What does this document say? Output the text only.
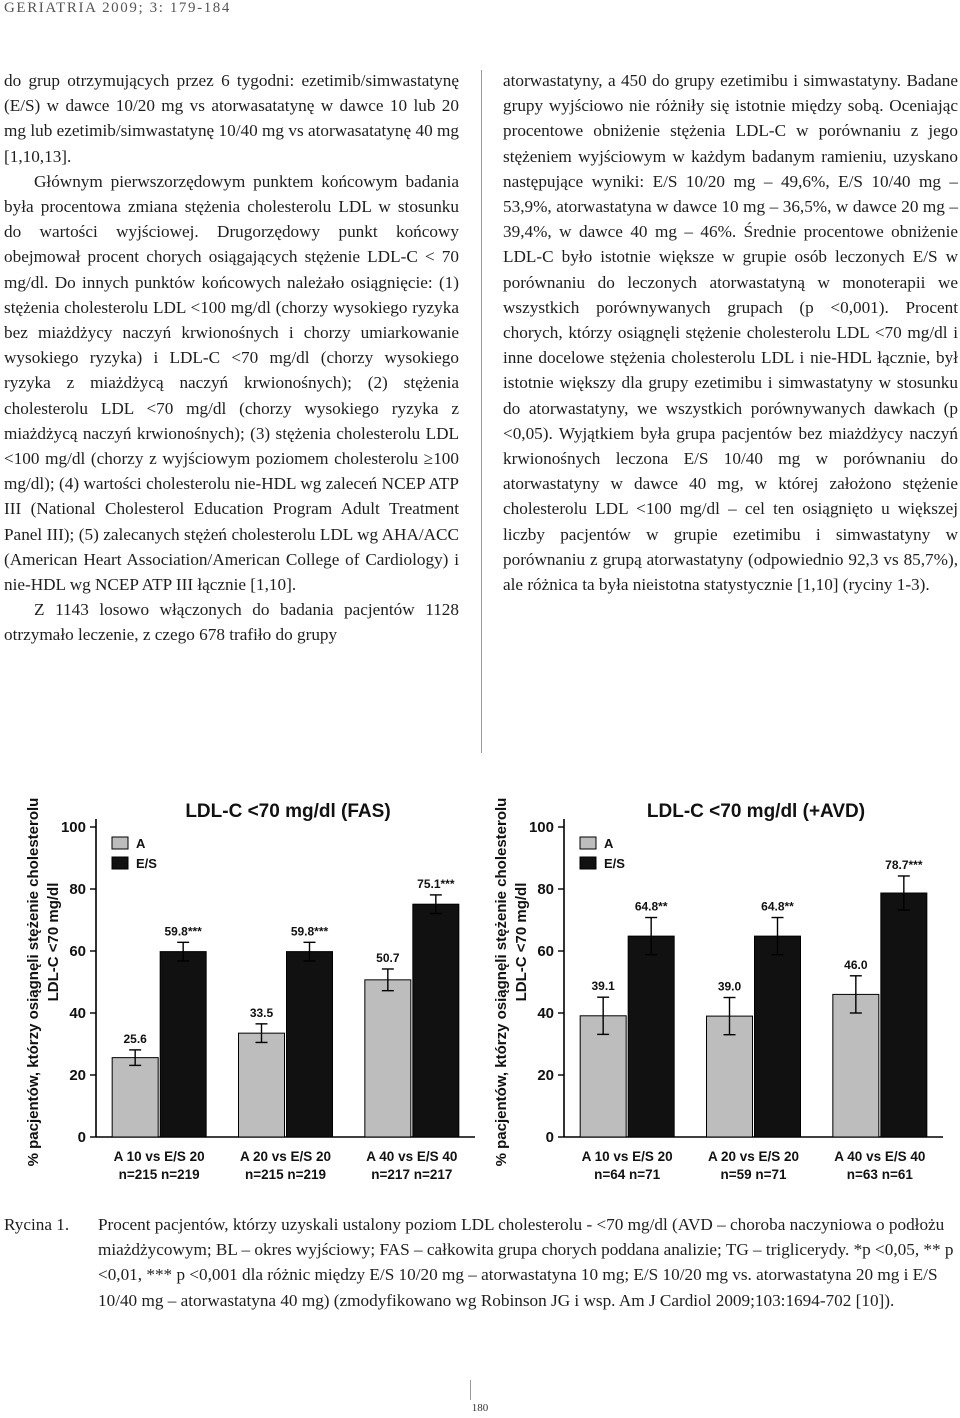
GERIATRIA 2009; 3: 179-184

do grup otrzymujących przez 6 tygodni: ezetimib/simwastatynę (E/S) w dawce 10/20 mg vs atorwasatatynę w dawce 10 lub 20 mg lub ezetimib/simwastatynę 10/40 mg vs atorwasatatynę 40 mg [1,10,13].

Głównym pierwszorzędowym punktem końcowym badania była procentowa zmiana stężenia cholesterolu LDL w stosunku do wartości wyjściowej. Drugorzędowy punkt końcowy obejmował procent chorych osiągających stężenie LDL-C < 70 mg/dl. Do innych punktów końcowych należało osiągnięcie: (1) stężenia cholesterolu LDL <100 mg/dl (chorzy wysokiego ryzyka bez miażdżycy naczyń krwionośnych i chorzy umiarkowanie wysokiego ryzyka) i LDL-C <70 mg/dl (chorzy wysokiego ryzyka z miażdżycą naczyń krwionośnych); (2) stężenia cholesterolu LDL <70 mg/dl (chorzy wysokiego ryzyka z miażdżycą naczyń krwionośnych); (3) stężenia cholesterolu LDL <100 mg/dl (chorzy z wyjściowym poziomem cholesterolu ≥100 mg/dl); (4) wartości cholesterolu nie-HDL wg zaleceń NCEP ATP III (National Cholesterol Education Program Adult Treatment Panel III); (5) zalecanych stężeń cholesterolu LDL wg AHA/ACC (American Heart Association/American College of Cardiology) i nie-HDL wg NCEP ATP III łącznie [1,10].

Z 1143 losowo włączonych do badania pacjentów 1128 otrzymało leczenie, z czego 678 trafiło do grupy

atorwastatyny, a 450 do grupy ezetimibu i simwastatyny. Badane grupy wyjściowo nie różniły się istotnie między sobą. Oceniając procentowe obniżenie stężenia LDL-C w porównaniu z jego stężeniem wyjściowym w każdym badanym ramieniu, uzyskano następujące wyniki: E/S 10/20 mg – 49,6%, E/S 10/40 mg – 53,9%, atorwastatyna w dawce 10 mg – 36,5%, w dawce 20 mg – 39,4%, w dawce 40 mg – 46%. Średnie procentowe obniżenie LDL-C było istotnie większe w grupie osób leczonych E/S w porównaniu do leczonych atorwastatyną w monoterapii we wszystkich porównywanych grupach (p <0,001). Procent chorych, którzy osiągnęli stężenie cholesterolu LDL <70 mg/dl i inne docelowe stężenia cholesterolu LDL i nie-HDL łącznie, był istotnie większy dla grupy ezetimibu i simwastatyny w stosunku do atorwastatyny, we wszystkich porównywanych dawkach (p <0,05). Wyjątkiem była grupa pacjentów bez miażdżycy naczyń krwionośnych leczona E/S 10/40 mg w porównaniu do atorwastatyny w dawce 40 mg, w której założono stężenie cholesterolu LDL <100 mg/dl – cel ten osiągnięto u większej liczby pacjentów w grupie ezetimibu i simwastatyny w porównaniu z grupą atorwastatyny (odpowiednio 92,3 vs 85,7%), ale różnica ta była nieistotna statystycznie [1,10] (ryciny 1-3).

% pacjentów, którzy osiągnęli stężenie cholesterolu LDL-C <70 mg/dl
LDL-C <70 mg/dl (FAS)
0
20
40
60
80
100
25.6
59.8***
A 10 vs E/S 20
n=215 n=219
33.5
59.8***
A 20 vs E/S 20
n=215 n=219
50.7
75.1***
A 40 vs E/S 40
n=217 n=217
A
E/S	% pacjentów, którzy osiągnęli stężenie cholesterolu LDL-C <70 mg/dl
LDL-C <70 mg/dl (+AVD)
0
20
40
60
80
100
39.1
64.8**
A 10 vs E/S 20
n=64 n=71
39.0
64.8**
A 20 vs E/S 20
n=59 n=71
46.0
78.7***
A 40 vs E/S 40
n=63 n=61
A
E/S
Rycina 1. Procent pacjentów, którzy uzyskali ustalony poziom LDL cholesterolu - <70 mg/dl (AVD – choroba naczyniowa o podłożu miażdżycowym; BL – okres wyjściowy; FAS – całkowita grupa chorych poddana analizie; TG – triglicerydy. *p <0,05, ** p <0,01, *** p <0,001 dla różnic między E/S 10/20 mg – atorwastatyna 10 mg; E/S 10/20 mg vs. atorwastatyna 20 mg i E/S 10/40 mg – atorwastatyna 40 mg) (zmodyfikowano wg Robinson JG i wsp. Am J Cardiol 2009;103:1694-702 [10]).
180
